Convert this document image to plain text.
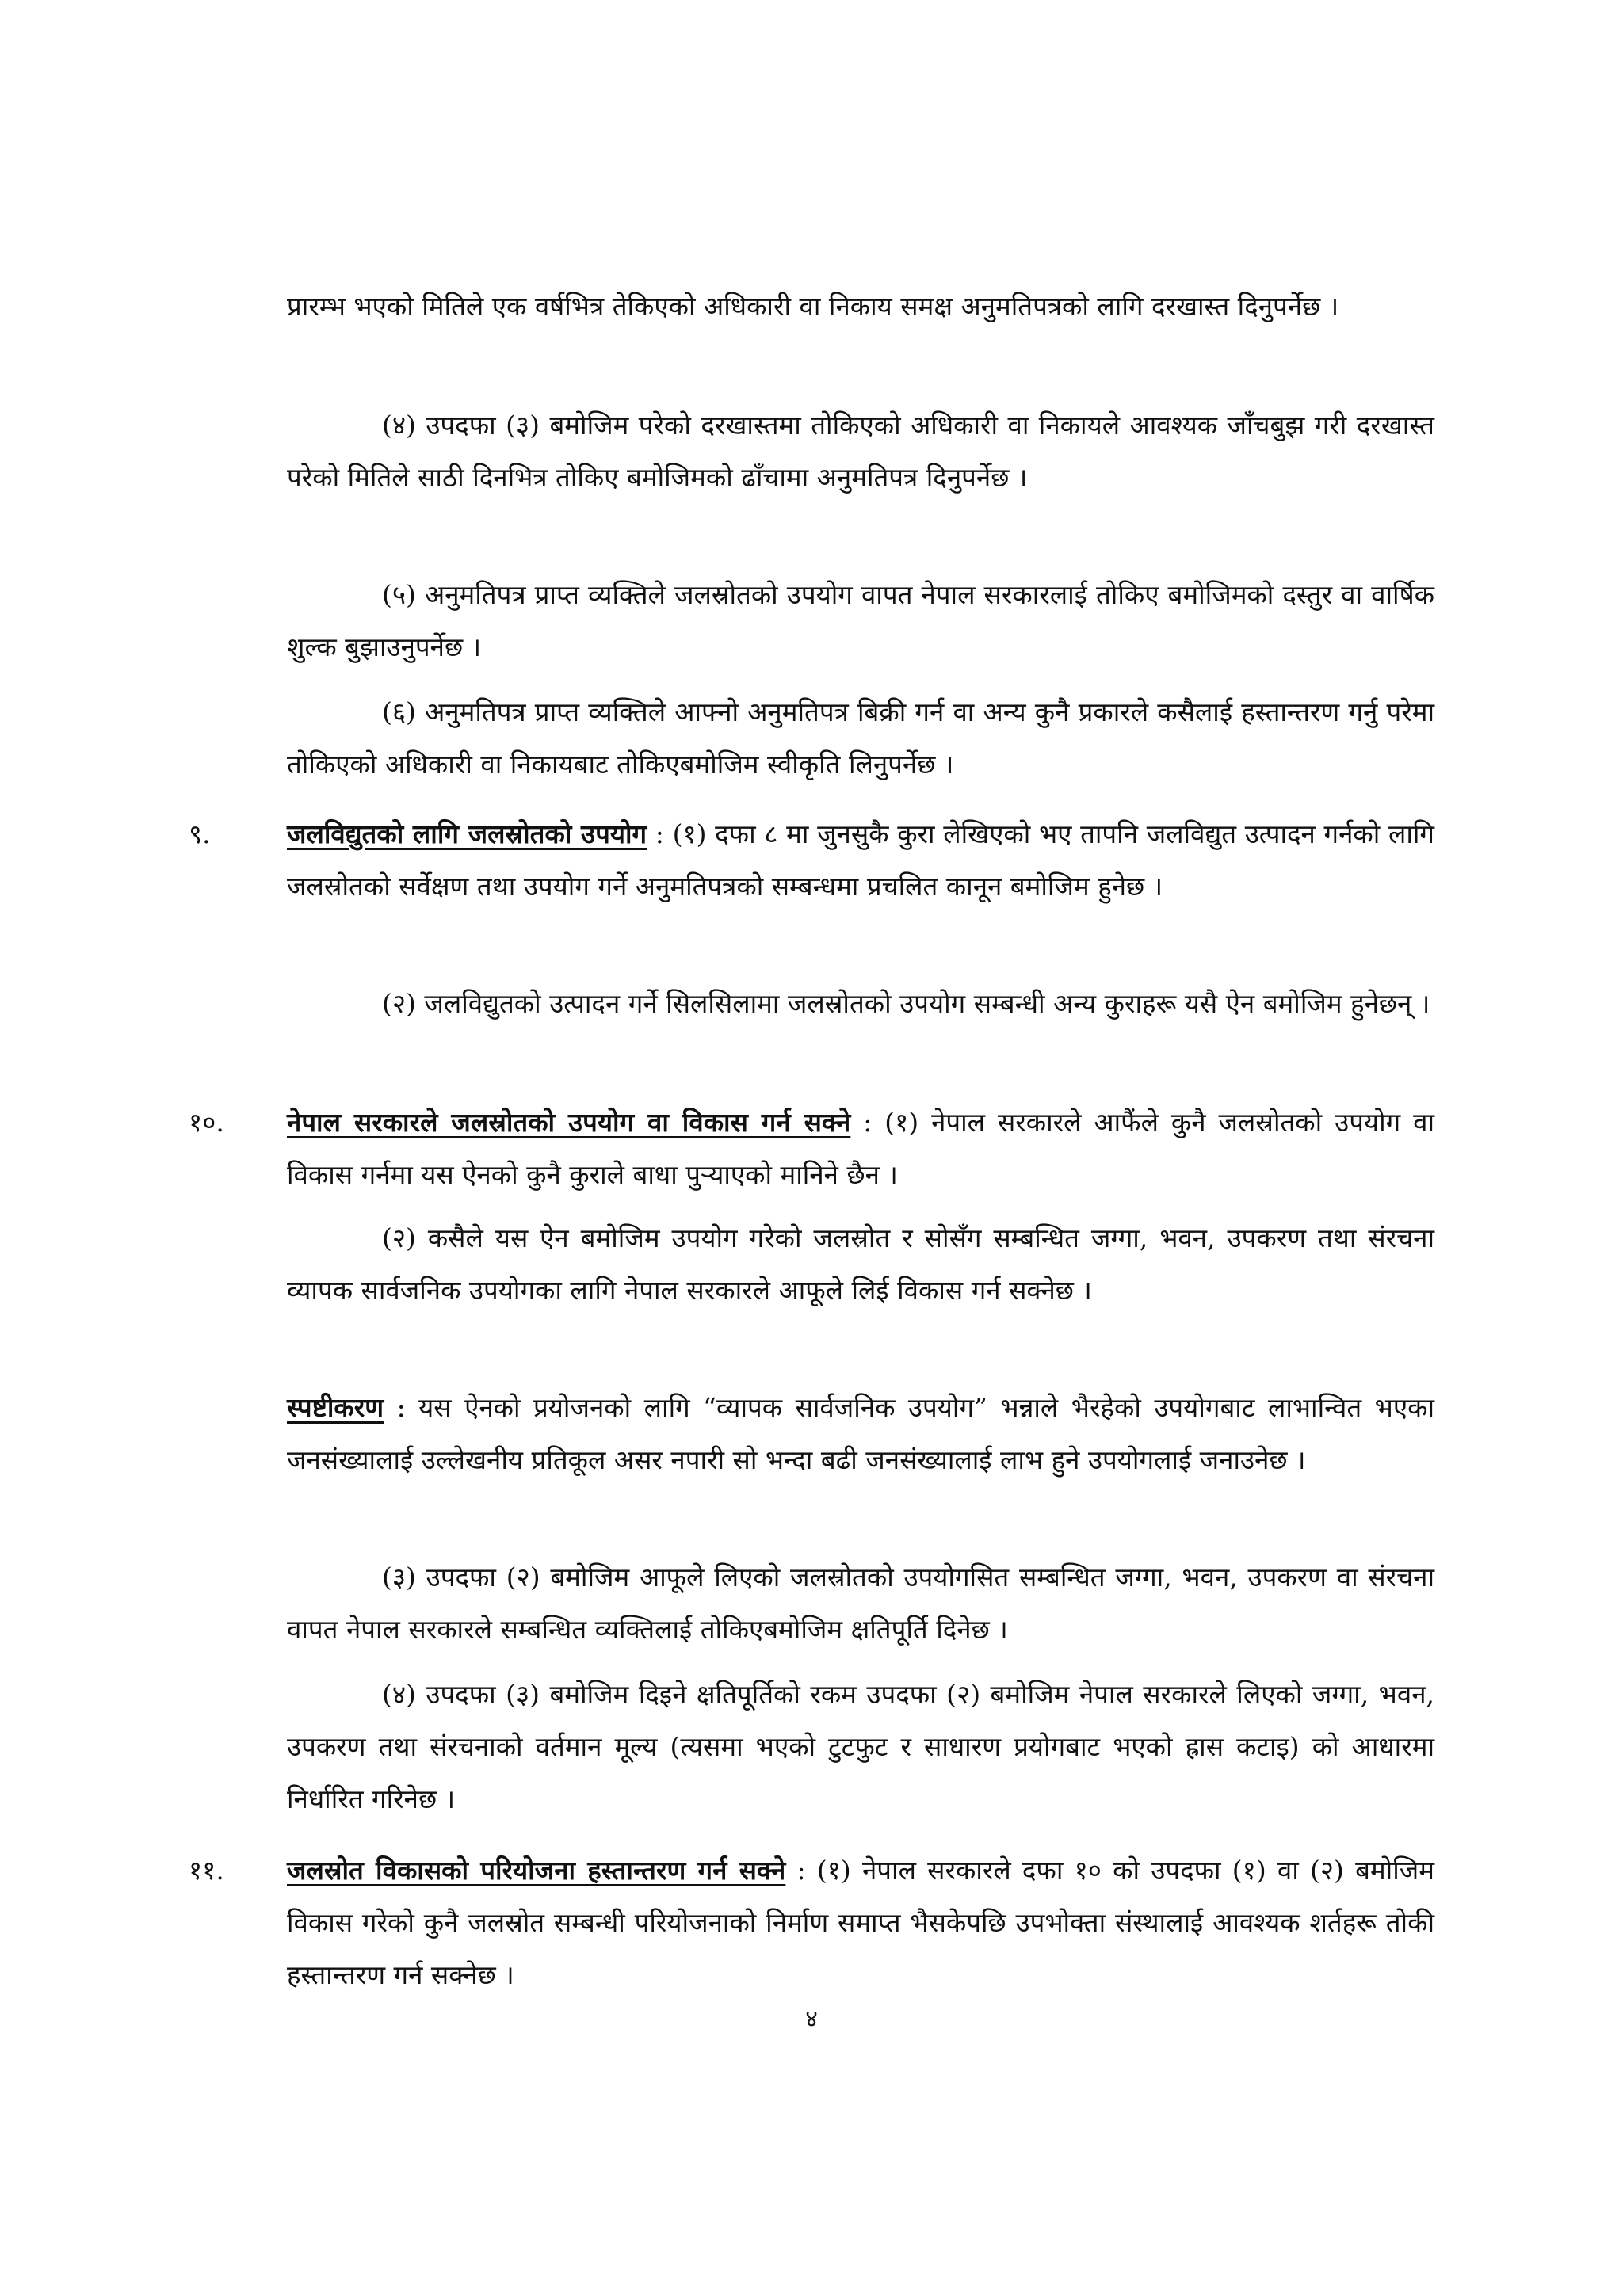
प्रारम्भ भएको मितिले एक वर्षभित्र तेकिएको अधिकारी वा निकाय समक्ष अनुमतिपत्रको लागि दरखास्त दिनुपर्नेछ ।
(४) उपदफा (३) बमोजिम परेको दरखास्तमा तोकिएको अधिकारी वा निकायले आवश्यक जाँचबुझ गरी दरखास्त परेको मितिले साठी दिनभित्र तोकिए बमोजिमको ढाँचामा अनुमतिपत्र दिनुपर्नेछ ।
(५) अनुमतिपत्र प्राप्त व्यक्तिले जलस्रोतको उपयोग वापत नेपाल सरकारलाई तोकिए बमोजिमको दस्तुर वा वार्षिक शुल्क बुझाउनुपर्नेछ ।
(६) अनुमतिपत्र प्राप्त व्यक्तिले आफ्नो अनुमतिपत्र बिक्री गर्न वा अन्य कुनै प्रकारले कसैलाई हस्तान्तरण गर्नु परेमा तोकिएको अधिकारी वा निकायबाट तोकिएबमोजिम स्वीकृति लिनुपर्नेछ ।
९.	जलविद्युतको लागि जलस्रोतको उपयोग : (१) दफा ८ मा जुनसुकै कुरा लेखिएको भए तापनि जलविद्युत उत्पादन गर्नको लागि जलस्रोतको सर्वेक्षण तथा उपयोग गर्ने अनुमतिपत्रको सम्बन्धमा प्रचलित कानून बमोजिम हुनेछ ।
(२) जलविद्युतको उत्पादन गर्ने सिलसिलामा जलस्रोतको उपयोग सम्बन्धी अन्य कुराहरू यसै ऐन बमोजिम हुनेछन् ।
१०. नेपाल सरकारले जलस्रोतको उपयोग वा विकास गर्न सक्ने : (१) नेपाल सरकारले आफैंले कुनै जलस्रोतको उपयोग वा विकास गर्नमा यस ऐनको कुनै कुराले बाधा पुऱ्याएको मानिने छैन ।
(२) कसैले यस ऐन बमोजिम उपयोग गरेको जलस्रोत र सोसँग सम्बन्धित जग्गा, भवन, उपकरण तथा संरचना व्यापक सार्वजनिक उपयोगका लागि नेपाल सरकारले आफूले लिई विकास गर्न सक्नेछ ।
स्पष्टीकरण : यस ऐनको प्रयोजनको लागि “व्यापक सार्वजनिक उपयोग” भन्नाले भैरहेको उपयोगबाट लाभान्वित भएका जनसंख्यालाई उल्लेखनीय प्रतिकूल असर नपारी सो भन्दा बढी जनसंख्यालाई लाभ हुने उपयोगलाई जनाउनेछ ।
(३) उपदफा (२) बमोजिम आफूले लिएको जलस्रोतको उपयोगसित सम्बन्धित जग्गा, भवन, उपकरण वा संरचना वापत नेपाल सरकारले सम्बन्धित व्यक्तिलाई तोकिएबमोजिम क्षतिपूर्ति दिनेछ ।
(४) उपदफा (३) बमोजिम दिइने क्षतिपूर्तिको रकम उपदफा (२) बमोजिम नेपाल सरकारले लिएको जग्गा, भवन, उपकरण तथा संरचनाको वर्तमान मूल्य (त्यसमा भएको टुटफुट र साधारण प्रयोगबाट भएको ह्रास कटाइ) को आधारमा निर्धारित गरिनेछ ।
११. जलस्रोत विकासको परियोजना हस्तान्तरण गर्न सक्ने : (१) नेपाल सरकारले दफा १० को उपदफा (१) वा (२) बमोजिम विकास गरेको कुनै जलस्रोत सम्बन्धी परियोजनाको निर्माण समाप्त भैसकेपछि उपभोक्ता संस्थालाई आवश्यक शर्तहरू तोकी हस्तान्तरण गर्न सक्नेछ ।
४
